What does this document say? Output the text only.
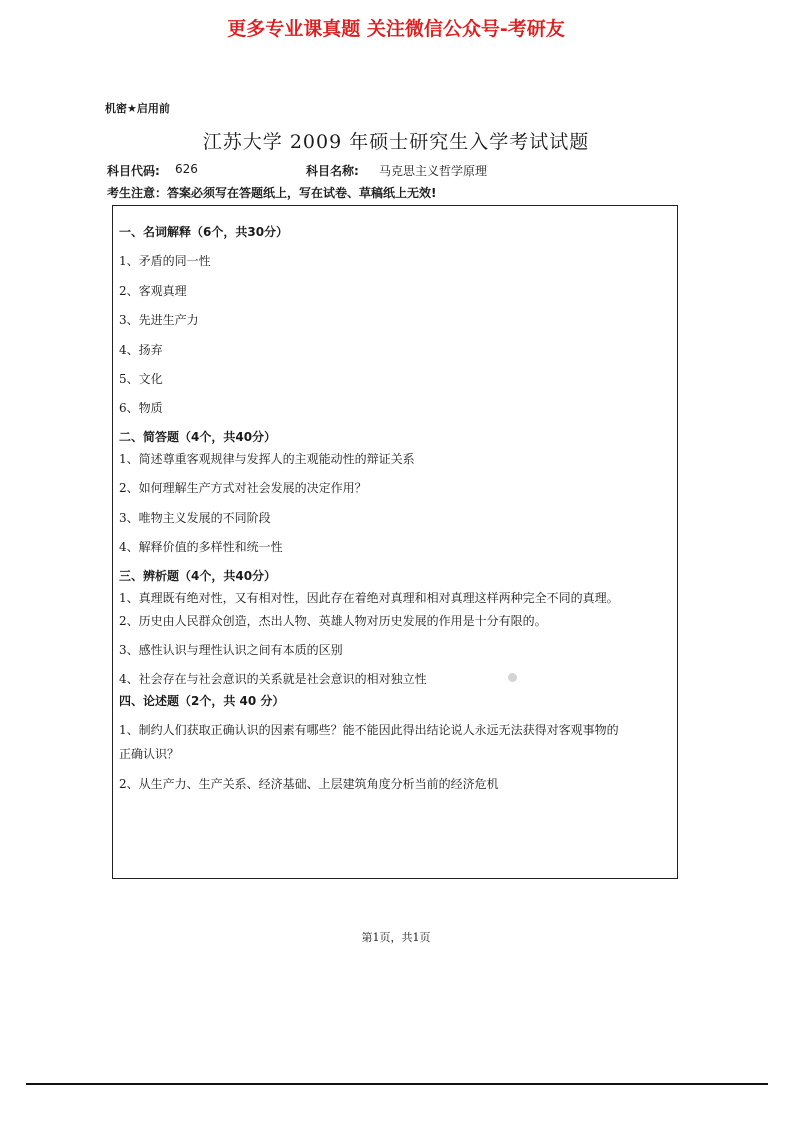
更多专业课真题 关注微信公众号-考研友
机密★启用前
江苏大学 2009 年硕士研究生入学考试试题
科目代码: 626	科目名称: 马克思主义哲学原理
考生注意：答案必须写在答题纸上，写在试卷、草稿纸上无效!
一、名词解释（6个，共30分）
1、矛盾的同一性
2、客观真理
3、先进生产力
4、扬弃
5、文化
6、物质
二、简答题（4个，共40分）
1、简述尊重客观规律与发挥人的主观能动性的辩证关系
2、如何理解生产方式对社会发展的决定作用？
3、唯物主义发展的不同阶段
4、解释价值的多样性和统一性
三、辨析题（4个，共40分）
1、真理既有绝对性，又有相对性，因此存在着绝对真理和相对真理这样两种完全不同的真理。
2、历史由人民群众创造，杰出人物、英雄人物对历史发展的作用是十分有限的。
3、感性认识与理性认识之间有本质的区别
4、社会存在与社会意识的关系就是社会意识的相对独立性
四、论述题（2个，共 40 分）
1、制约人们获取正确认识的因素有哪些？能不能因此得出结论说人永远无法获得对客观事物的
正确认识？
2、从生产力、生产关系、经济基础、上层建筑角度分析当前的经济危机
第1页，共1页
